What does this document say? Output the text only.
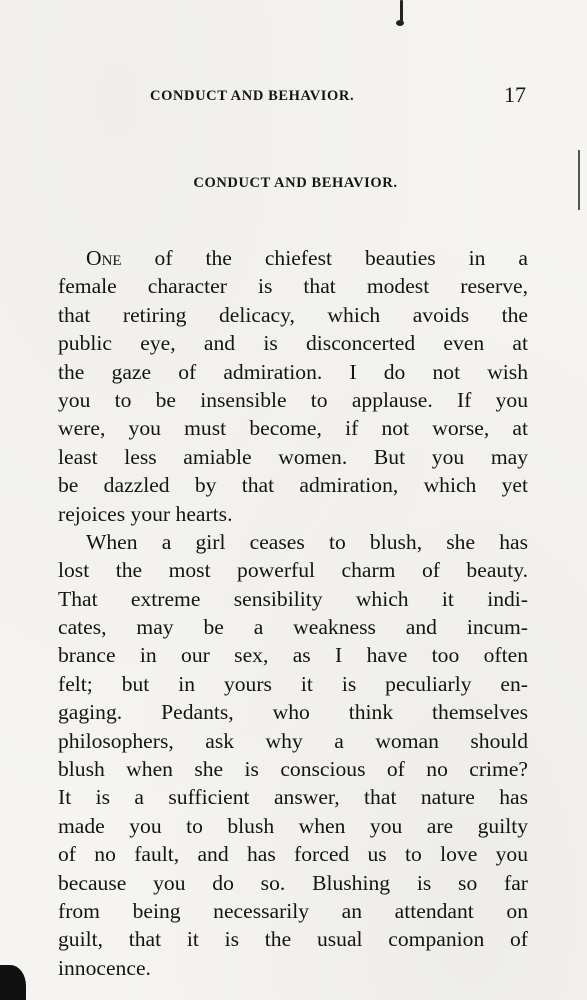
CONDUCT AND BEHAVIOR.	17
CONDUCT AND BEHAVIOR.
One of the chiefest beauties in a
female character is that modest reserve,
that retiring delicacy, which avoids the
public eye, and is disconcerted even at
the gaze of admiration. I do not wish
you to be insensible to applause. If you
were, you must become, if not worse, at
least less amiable women. But you may
be dazzled by that admiration, which yet
rejoices your hearts.
When a girl ceases to blush, she has
lost the most powerful charm of beauty.
That extreme sensibility which it indi-
cates, may be a weakness and incum-
brance in our sex, as I have too often
felt; but in yours it is peculiarly en-
gaging. Pedants, who think themselves
philosophers, ask why a woman should
blush when she is conscious of no crime?
It is a sufficient answer, that nature has
made you to blush when you are guilty
of no fault, and has forced us to love you
because you do so. Blushing is so far
from being necessarily an attendant on
guilt, that it is the usual companion of
innocence.
